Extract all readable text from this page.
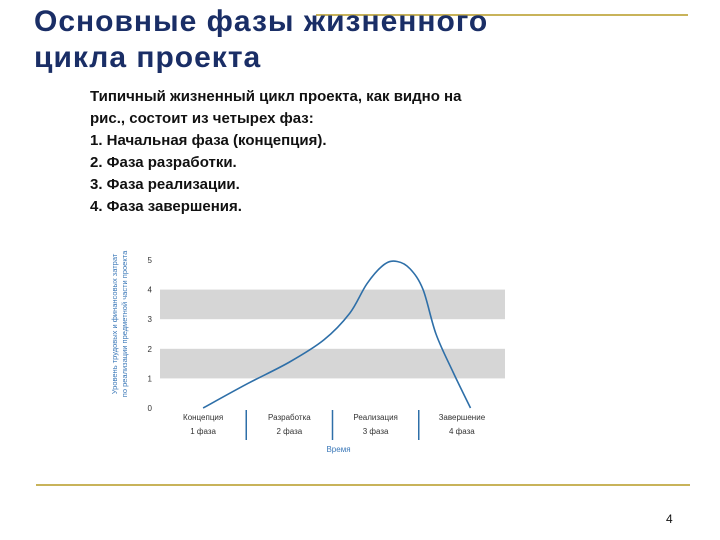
Основные фазы жизненного
цикла проекта
Типичный жизненный цикл проекта, как видно на
рис., состоит из четырех фаз:
1. Начальная фаза (концепция).
2. Фаза разработки.
3. Фаза реализации.
4. Фаза завершения.
0
1
2
3
4
5
Уровень трудовых и финансовых затрат по реализации предметной части проекта
Концепция
1 фаза
Разработка
2 фаза
Реализация
3 фаза
Завершение
4 фаза
Время
4
